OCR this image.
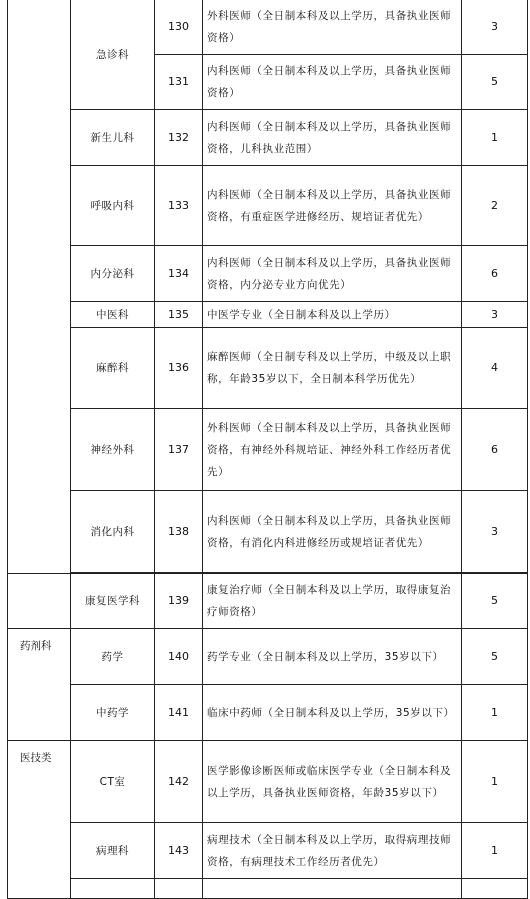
	急诊科	130	外科医师（全日制本科及以上学历，具备执业医师资格）	3
		131	内科医师（全日制本科及以上学历，具备执业医师资格）	5
	新生儿科	132	内科医师（全日制本科及以上学历，具备执业医师资格，儿科执业范围）	1
	呼吸内科	133	内科医师（全日制本科及以上学历，具备执业医师资格，有重症医学进修经历、规培证者优先）	2
	内分泌科	134	内科医师（全日制本科及以上学历，具备执业医师资格，内分泌专业方向优先）	6
	中医科	135	中医学专业（全日制本科及以上学历）	3
	麻醉科	136	麻醉医师（全日制专科及以上学历，中级及以上职称，年龄35岁以下，全日制本科学历优先）	4
	神经外科	137	外科医师（全日制本科及以上学历，具备执业医师资格，有神经外科规培证、神经外科工作经历者优先）	6
	消化内科	138	内科医师（全日制本科及以上学历，具备执业医师资格，有消化内科进修经历或规培证者优先）	3

	康复医学科	139	康复治疗师（全日制本科及以上学历，取得康复治疗师资格）	5
药剂科	药学	140	药学专业（全日制本科及以上学历，35岁以下）	5
	中药学	141	临床中药师（全日制本科及以上学历，35岁以下）	1
医技类	CT室	142	医学影像诊断医师或临床医学专业（全日制本科及以上学历，具备执业医师资格，年龄35岁以下）	1
	病理科	143	病理技术（全日制本科及以上学历，取得病理技师资格，有病理技术工作经历者优先）	1
